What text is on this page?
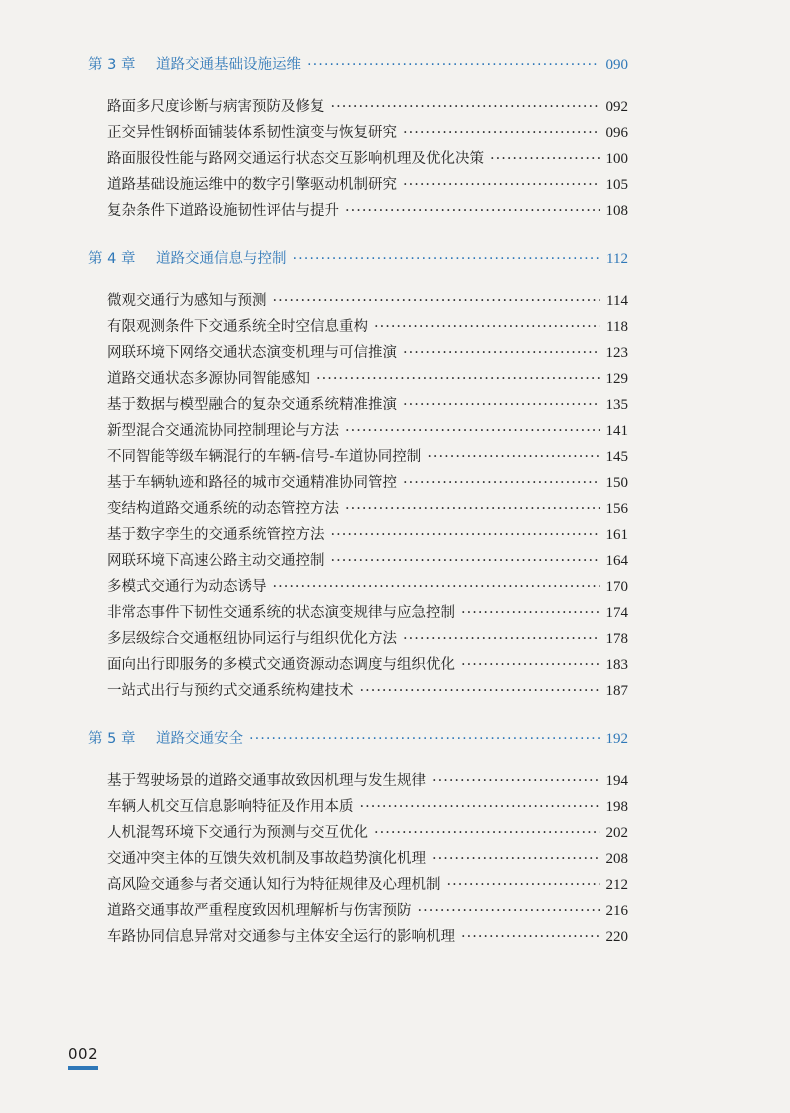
第 3 章 道路交通基础设施运维 ·····	090
路面多尺度诊断与病害预防及修复 ·····	092
正交异性钢桥面铺装体系韧性演变与恢复研究 ·····	096
路面服役性能与路网交通运行状态交互影响机理及优化决策 ·····	100
道路基础设施运维中的数字引擎驱动机制研究 ·····	105
复杂条件下道路设施韧性评估与提升 ·····	108
第 4 章 道路交通信息与控制 ·····	112
微观交通行为感知与预测 ·····	114
有限观测条件下交通系统全时空信息重构 ·····	118
网联环境下网络交通状态演变机理与可信推演 ·····	123
道路交通状态多源协同智能感知 ·····	129
基于数据与模型融合的复杂交通系统精准推演 ·····	135
新型混合交通流协同控制理论与方法 ·····	141
不同智能等级车辆混行的车辆-信号-车道协同控制 ·····	145
基于车辆轨迹和路径的城市交通精准协同管控 ·····	150
变结构道路交通系统的动态管控方法 ·····	156
基于数字孪生的交通系统管控方法 ·····	161
网联环境下高速公路主动交通控制 ·····	164
多模式交通行为动态诱导 ·····	170
非常态事件下韧性交通系统的状态演变规律与应急控制 ·····	174
多层级综合交通枢纽协同运行与组织优化方法 ·····	178
面向出行即服务的多模式交通资源动态调度与组织优化 ·····	183
一站式出行与预约式交通系统构建技术 ·····	187
第 5 章 道路交通安全 ·····	192
基于驾驶场景的道路交通事故致因机理与发生规律 ·····	194
车辆人机交互信息影响特征及作用本质 ·····	198
人机混驾环境下交通行为预测与交互优化 ·····	202
交通冲突主体的互馈失效机制及事故趋势演化机理 ·····	208
高风险交通参与者交通认知行为特征规律及心理机制 ·····	212
道路交通事故严重程度致因机理解析与伤害预防 ·····	216
车路协同信息异常对交通参与主体安全运行的影响机理 ·····	220
002
